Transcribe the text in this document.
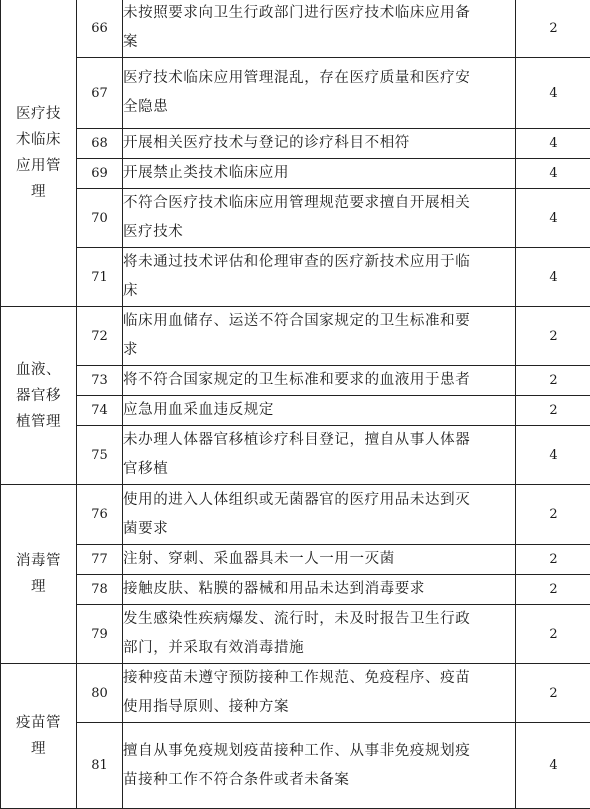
医疗技
术临床
应用管
理	66	未按照要求向卫生行政部门进行医疗技术临床应用备
案	2
	67	医疗技术临床应用管理混乱，存在医疗质量和医疗安
全隐患	4
	68	开展相关医疗技术与登记的诊疗科目不相符	4
	69	开展禁止类技术临床应用	4
	70	不符合医疗技术临床应用管理规范要求擅自开展相关
医疗技术	4
	71	将未通过技术评估和伦理审查的医疗新技术应用于临
床	4

血液、
器官移
植管理	72	临床用血储存、运送不符合国家规定的卫生标准和要
求	2
	73	将不符合国家规定的卫生标准和要求的血液用于患者	2
	74	应急用血采血违反规定	2
	75	未办理人体器官移植诊疗科目登记，擅自从事人体器
官移植	4

消毒管
理	76	使用的进入人体组织或无菌器官的医疗用品未达到灭
菌要求	2
	77	注射、穿刺、采血器具未一人一用一灭菌	2
	78	接触皮肤、粘膜的器械和用品未达到消毒要求	2
	79	发生感染性疾病爆发、流行时，未及时报告卫生行政
部门，并采取有效消毒措施	2

疫苗管
理	80	接种疫苗未遵守预防接种工作规范、免疫程序、疫苗
使用指导原则、接种方案	2
	81	擅自从事免疫规划疫苗接种工作、从事非免疫规划疫
苗接种工作不符合条件或者未备案	4
